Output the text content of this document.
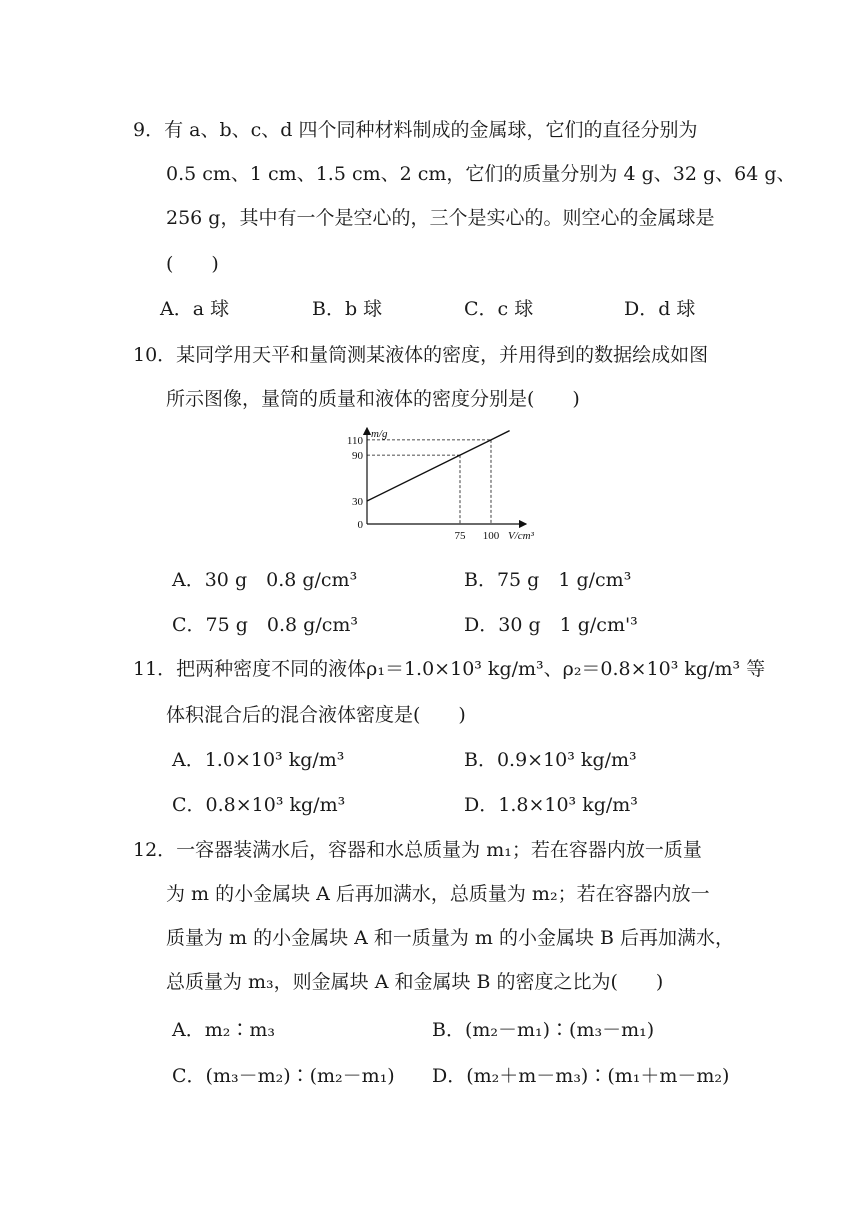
9．有 a、b、c、d 四个同种材料制成的金属球，它们的直径分别为
0.5 cm、1 cm、1.5 cm、2 cm，它们的质量分别为 4 g、32 g、64 g、
256 g，其中有一个是空心的，三个是实心的。则空心的金属球是
(　　)
A．a 球	B．b 球	C．c 球	D．d 球
10．某同学用天平和量筒测某液体的密度，并用得到的数据绘成如图
所示图像，量筒的质量和液体的密度分别是(　　)
m/g
V/cm³
0
30
90
110
75 100
A．30 g　0.8 g/cm³	B．75 g　1 g/cm³
C．75 g　0.8 g/cm³	D．30 g　1 g/cm'³
11．把两种密度不同的液体ρ₁＝1.0×10³ kg/m³、ρ₂＝0.8×10³ kg/m³ 等
体积混合后的混合液体密度是(　　)
A．1.0×10³ kg/m³	B．0.9×10³ kg/m³
C．0.8×10³ kg/m³	D．1.8×10³ kg/m³
12．一容器装满水后，容器和水总质量为 m₁；若在容器内放一质量
为 m 的小金属块 A 后再加满水，总质量为 m₂；若在容器内放一
质量为 m 的小金属块 A 和一质量为 m 的小金属块 B 后再加满水，
总质量为 m₃，则金属块 A 和金属块 B 的密度之比为(　　)
A．m₂∶m₃	B．(m₂－m₁)∶(m₃－m₁)
C．(m₃－m₂)∶(m₂－m₁) D．(m₂＋m－m₃)∶(m₁＋m－m₂)
